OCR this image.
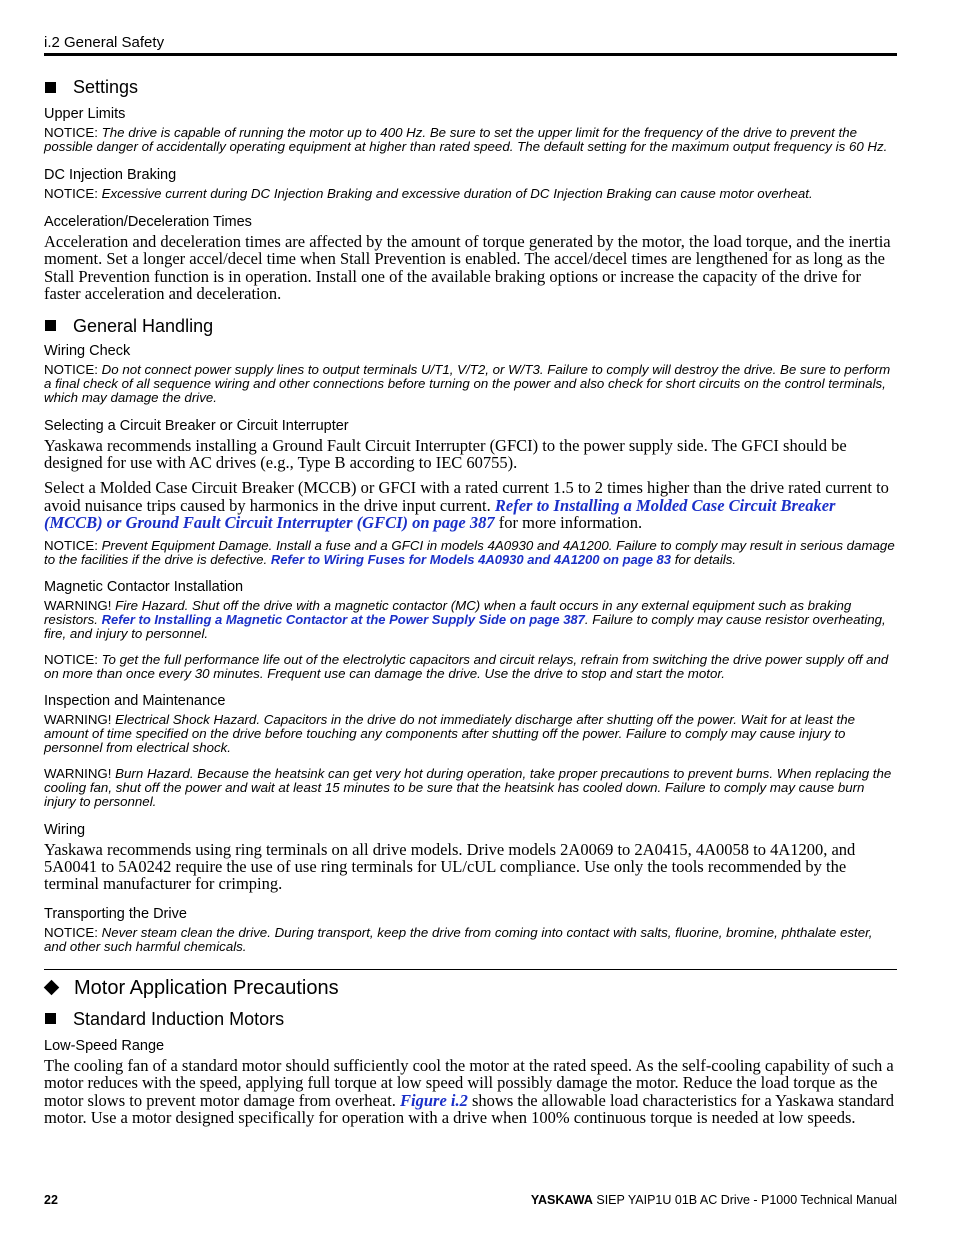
i.2 General Safety
Settings
Upper Limits
NOTICE: The drive is capable of running the motor up to 400 Hz. Be sure to set the upper limit for the frequency of the drive to prevent the possible danger of accidentally operating equipment at higher than rated speed. The default setting for the maximum output frequency is 60 Hz.
DC Injection Braking
NOTICE: Excessive current during DC Injection Braking and excessive duration of DC Injection Braking can cause motor overheat.
Acceleration/Deceleration Times
Acceleration and deceleration times are affected by the amount of torque generated by the motor, the load torque, and the inertia moment. Set a longer accel/decel time when Stall Prevention is enabled. The accel/decel times are lengthened for as long as the Stall Prevention function is in operation. Install one of the available braking options or increase the capacity of the drive for faster acceleration and deceleration.
General Handling
Wiring Check
NOTICE: Do not connect power supply lines to output terminals U/T1, V/T2, or W/T3. Failure to comply will destroy the drive. Be sure to perform a final check of all sequence wiring and other connections before turning on the power and also check for short circuits on the control terminals, which may damage the drive.
Selecting a Circuit Breaker or Circuit Interrupter
Yaskawa recommends installing a Ground Fault Circuit Interrupter (GFCI) to the power supply side. The GFCI should be designed for use with AC drives (e.g., Type B according to IEC 60755).
Select a Molded Case Circuit Breaker (MCCB) or GFCI with a rated current 1.5 to 2 times higher than the drive rated current to avoid nuisance trips caused by harmonics in the drive input current. Refer to Installing a Molded Case Circuit Breaker (MCCB) or Ground Fault Circuit Interrupter (GFCI) on page 387 for more information.
NOTICE: Prevent Equipment Damage. Install a fuse and a GFCI in models 4A0930 and 4A1200. Failure to comply may result in serious damage to the facilities if the drive is defective. Refer to Wiring Fuses for Models 4A0930 and 4A1200 on page 83 for details.
Magnetic Contactor Installation
WARNING! Fire Hazard. Shut off the drive with a magnetic contactor (MC) when a fault occurs in any external equipment such as braking resistors. Refer to Installing a Magnetic Contactor at the Power Supply Side on page 387. Failure to comply may cause resistor overheating, fire, and injury to personnel.
NOTICE: To get the full performance life out of the electrolytic capacitors and circuit relays, refrain from switching the drive power supply off and on more than once every 30 minutes. Frequent use can damage the drive. Use the drive to stop and start the motor.
Inspection and Maintenance
WARNING! Electrical Shock Hazard. Capacitors in the drive do not immediately discharge after shutting off the power. Wait for at least the amount of time specified on the drive before touching any components after shutting off the power. Failure to comply may cause injury to personnel from electrical shock.
WARNING! Burn Hazard. Because the heatsink can get very hot during operation, take proper precautions to prevent burns. When replacing the cooling fan, shut off the power and wait at least 15 minutes to be sure that the heatsink has cooled down. Failure to comply may cause burn injury to personnel.
Wiring
Yaskawa recommends using ring terminals on all drive models. Drive models 2A0069 to 2A0415, 4A0058 to 4A1200, and 5A0041 to 5A0242 require the use of use ring terminals for UL/cUL compliance. Use only the tools recommended by the terminal manufacturer for crimping.
Transporting the Drive
NOTICE: Never steam clean the drive. During transport, keep the drive from coming into contact with salts, fluorine, bromine, phthalate ester, and other such harmful chemicals.
Motor Application Precautions
Standard Induction Motors
Low-Speed Range
The cooling fan of a standard motor should sufficiently cool the motor at the rated speed. As the self-cooling capability of such a motor reduces with the speed, applying full torque at low speed will possibly damage the motor. Reduce the load torque as the motor slows to prevent motor damage from overheat. Figure i.2 shows the allowable load characteristics for a Yaskawa standard motor. Use a motor designed specifically for operation with a drive when 100% continuous torque is needed at low speeds.
22	YASKAWA SIEP YAIP1U 01B AC Drive - P1000 Technical Manual
